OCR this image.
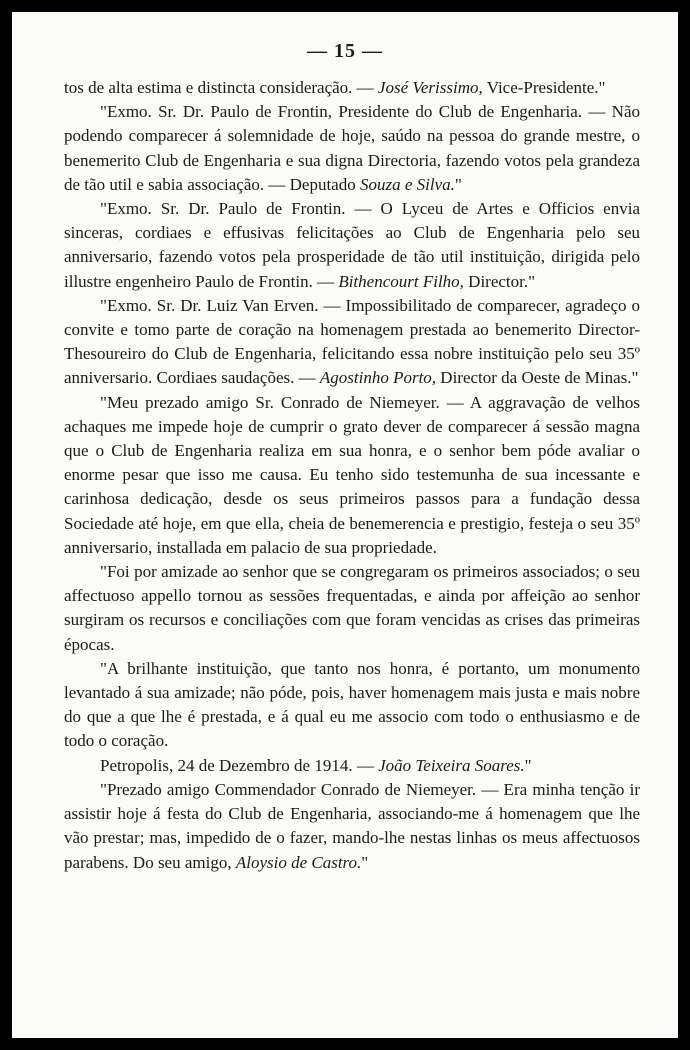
— 15 —

tos de alta estima e distincta consideração. — José Verissimo, Vice-Presidente."

"Exmo. Sr. Dr. Paulo de Frontin, Presidente do Club de Engenharia. — Não podendo comparecer á solemnidade de hoje, saúdo na pessoa do grande mestre, o benemerito Club de Engenharia e sua digna Directoria, fazendo votos pela grandeza de tão util e sabia associação. — Deputado Souza e Silva."

"Exmo. Sr. Dr. Paulo de Frontin. — O Lyceu de Artes e Officios envia sinceras, cordiaes e effusivas felicitações ao Club de Engenharia pelo seu anniversario, fazendo votos pela prosperidade de tão util instituição, dirigida pelo illustre engenheiro Paulo de Frontin. — Bithencourt Filho, Director."

"Exmo. Sr. Dr. Luiz Van Erven. — Impossibilitado de comparecer, agradeço o convite e tomo parte de coração na homenagem prestada ao benemerito Director-Thesoureiro do Club de Engenharia, felicitando essa nobre instituição pelo seu 35º anniversario. Cordiaes saudações. — Agostinho Porto, Director da Oeste de Minas."

"Meu prezado amigo Sr. Conrado de Niemeyer. — A aggravação de velhos achaques me impede hoje de cumprir o grato dever de comparecer á sessão magna que o Club de Engenharia realiza em sua honra, e o senhor bem póde avaliar o enorme pesar que isso me causa. Eu tenho sido testemunha de sua incessante e carinhosa dedicação, desde os seus primeiros passos para a fundação dessa Sociedade até hoje, em que ella, cheia de benemerencia e prestigio, festeja o seu 35º anniversario, installada em palacio de sua propriedade.

"Foi por amizade ao senhor que se congregaram os primeiros associados; o seu affectuoso appello tornou as sessões frequentadas, e ainda por affeição ao senhor surgiram os recursos e conciliações com que foram vencidas as crises das primeiras épocas.

"A brilhante instituição, que tanto nos honra, é portanto, um monumento levantado á sua amizade; não póde, pois, haver homenagem mais justa e mais nobre do que a que lhe é prestada, e á qual eu me associo com todo o enthusiasmo e de todo o coração.

Petropolis, 24 de Dezembro de 1914. — João Teixeira Soares."

"Prezado amigo Commendador Conrado de Niemeyer. — Era minha tenção ir assistir hoje á festa do Club de Engenharia, associando-me á homenagem que lhe vão prestar; mas, impedido de o fazer, mando-lhe nestas linhas os meus affectuosos parabens. Do seu amigo, Aloysio de Castro."
